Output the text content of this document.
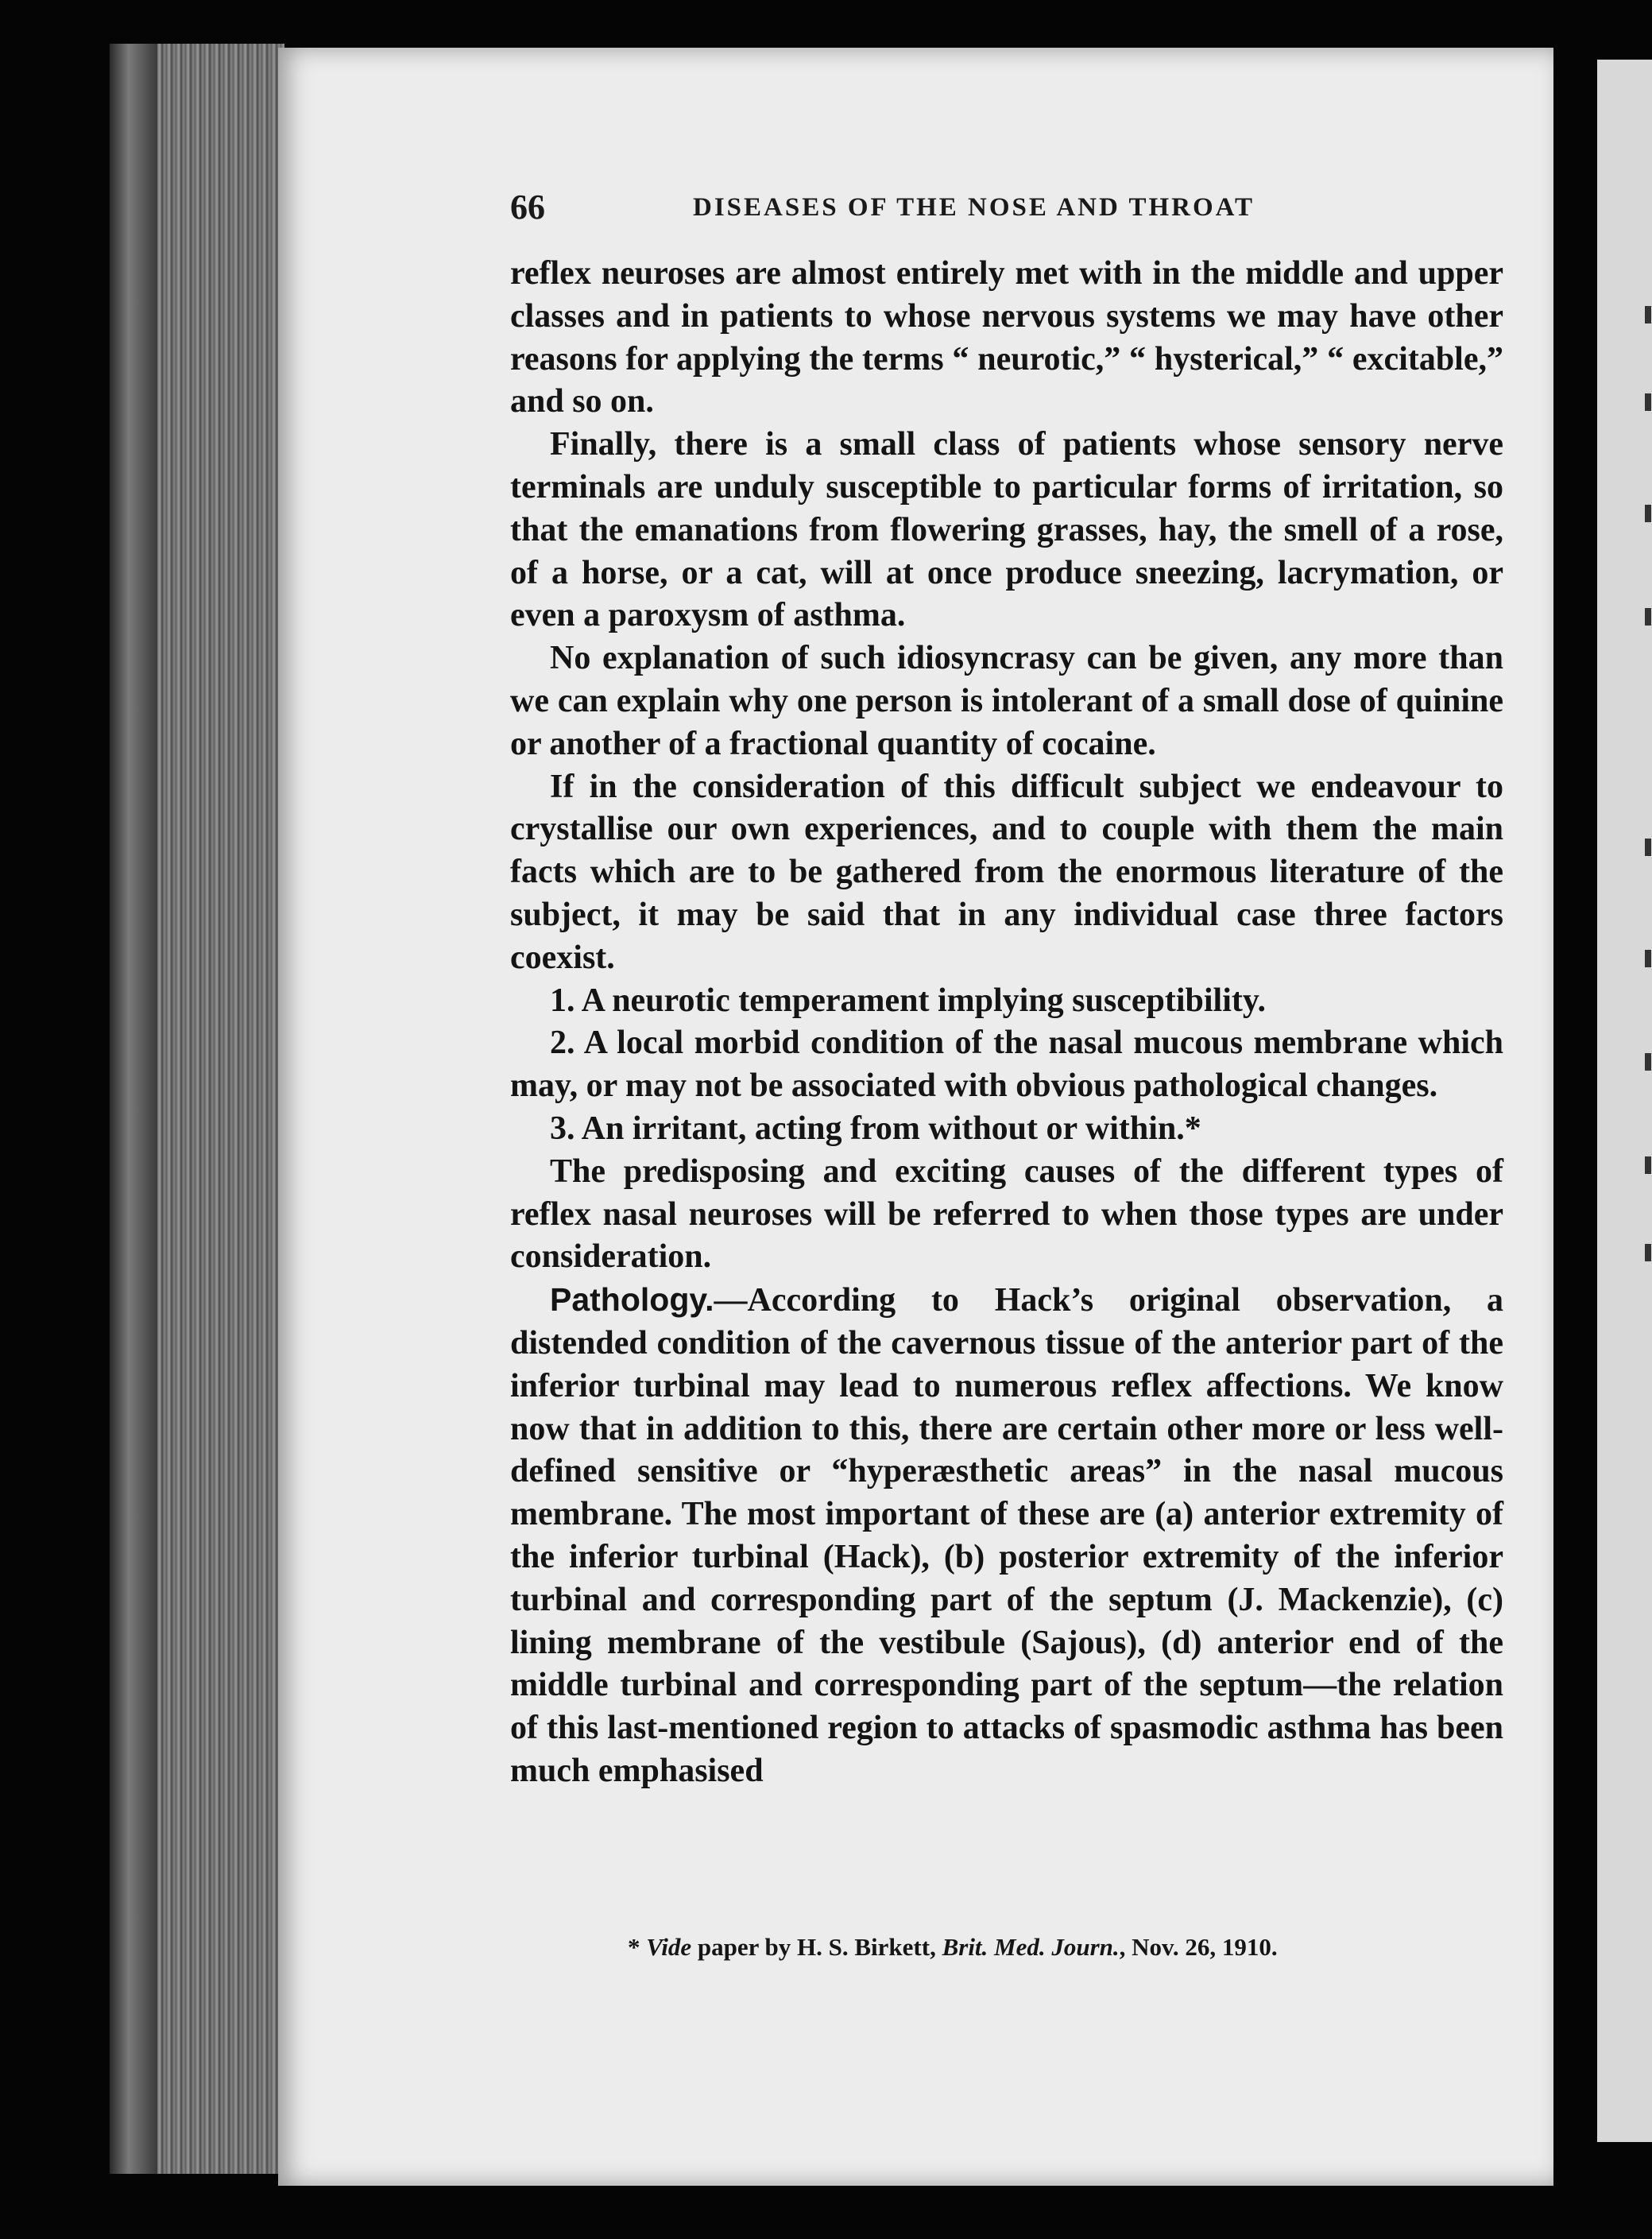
66	DISEASES OF THE NOSE AND THROAT

reflex neuroses are almost entirely met with in the middle and upper classes and in patients to whose nervous systems we may have other reasons for applying the terms “ neurotic,” “ hysterical,” “ excitable,” and so on.

Finally, there is a small class of patients whose sensory nerve terminals are unduly susceptible to particular forms of irritation, so that the emanations from flowering grasses, hay, the smell of a rose, of a horse, or a cat, will at once produce sneezing, lacrymation, or even a paroxysm of asthma.

No explanation of such idiosyncrasy can be given, any more than we can explain why one person is intolerant of a small dose of quinine or another of a fractional quantity of cocaine.

If in the consideration of this difficult subject we endeavour to crystallise our own experiences, and to couple with them the main facts which are to be gathered from the enormous literature of the subject, it may be said that in any individual case three factors coexist.

1. A neurotic temperament implying susceptibility.

2. A local morbid condition of the nasal mucous membrane which may, or may not be associated with obvious pathological changes.

3. An irritant, acting from without or within.*

The predisposing and exciting causes of the different types of reflex nasal neuroses will be referred to when those types are under consideration.

Pathology.—According to Hack’s original observation, a distended condition of the cavernous tissue of the anterior part of the inferior turbinal may lead to numerous reflex affections. We know now that in addition to this, there are certain other more or less well-defined sensitive or “hyperæsthetic areas” in the nasal mucous membrane. The most important of these are (a) anterior extremity of the inferior turbinal (Hack), (b) posterior extremity of the inferior turbinal and corresponding part of the septum (J. Mackenzie), (c) lining membrane of the vestibule (Sajous), (d) anterior end of the middle turbinal and corresponding part of the septum—the relation of this last-mentioned region to attacks of spasmodic asthma has been much emphasised

* Vide paper by H. S. Birkett, Brit. Med. Journ., Nov. 26, 1910.
